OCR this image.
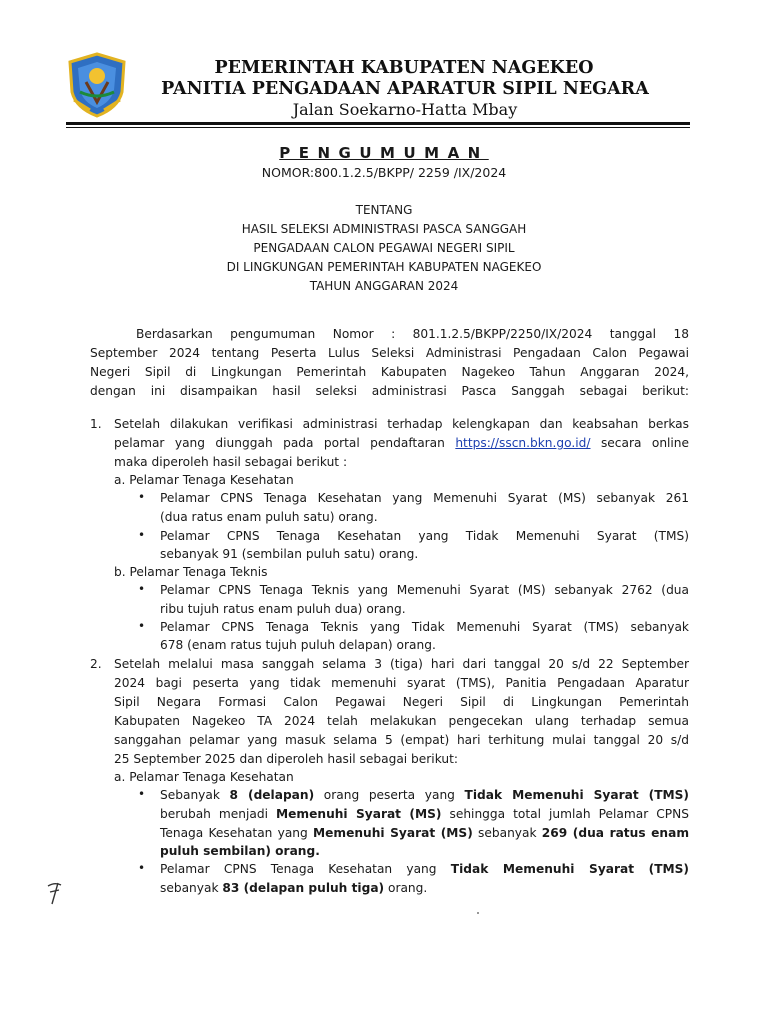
PEMERINTAH KABUPATEN NAGEKEO
PANITIA PENGADAAN APARATUR SIPIL NEGARA
Jalan Soekarno-Hatta Mbay
PENGUMUMAN
NOMOR:800.1.2.5/BKPP/ 2259 /IX/2024
TENTANG
HASIL SELEKSI ADMINISTRASI PASCA SANGGAH
PENGADAAN CALON PEGAWAI NEGERI SIPIL
DI LINGKUNGAN PEMERINTAH KABUPATEN NAGEKEO
TAHUN ANGGARAN 2024
Berdasarkan pengumuman Nomor : 801.1.2.5/BKPP/2250/IX/2024 tanggal 18
September 2024 tentang Peserta Lulus Seleksi Administrasi Pengadaan Calon Pegawai
Negeri Sipil di Lingkungan Pemerintah Kabupaten Nagekeo Tahun Anggaran 2024,
dengan ini disampaikan hasil seleksi administrasi Pasca Sanggah sebagai berikut:
1. Setelah dilakukan verifikasi administrasi terhadap kelengkapan dan keabsahan berkas
pelamar yang diunggah pada portal pendaftaran https://sscn.bkn.go.id/ secara online
maka diperoleh hasil sebagai berikut :
a. Pelamar Tenaga Kesehatan
• Pelamar CPNS Tenaga Kesehatan yang Memenuhi Syarat (MS) sebanyak 261
(dua ratus enam puluh satu) orang.
• Pelamar CPNS Tenaga Kesehatan yang Tidak Memenuhi Syarat (TMS)
sebanyak 91 (sembilan puluh satu) orang.
b. Pelamar Tenaga Teknis
• Pelamar CPNS Tenaga Teknis yang Memenuhi Syarat (MS) sebanyak 2762 (dua
ribu tujuh ratus enam puluh dua) orang.
• Pelamar CPNS Tenaga Teknis yang Tidak Memenuhi Syarat (TMS) sebanyak
678 (enam ratus tujuh puluh delapan) orang.
2. Setelah melalui masa sanggah selama 3 (tiga) hari dari tanggal 20 s/d 22 September
2024 bagi peserta yang tidak memenuhi syarat (TMS), Panitia Pengadaan Aparatur
Sipil Negara Formasi Calon Pegawai Negeri Sipil di Lingkungan Pemerintah
Kabupaten Nagekeo TA 2024 telah melakukan pengecekan ulang terhadap semua
sanggahan pelamar yang masuk selama 5 (empat) hari terhitung mulai tanggal 20 s/d
25 September 2025 dan diperoleh hasil sebagai berikut:
a. Pelamar Tenaga Kesehatan
• Sebanyak 8 (delapan) orang peserta yang Tidak Memenuhi Syarat (TMS)
berubah menjadi Memenuhi Syarat (MS) sehingga total jumlah Pelamar CPNS
Tenaga Kesehatan yang Memenuhi Syarat (MS) sebanyak 269 (dua ratus enam
puluh sembilan) orang.
• Pelamar CPNS Tenaga Kesehatan yang Tidak Memenuhi Syarat (TMS)
sebanyak 83 (delapan puluh tiga) orang.
